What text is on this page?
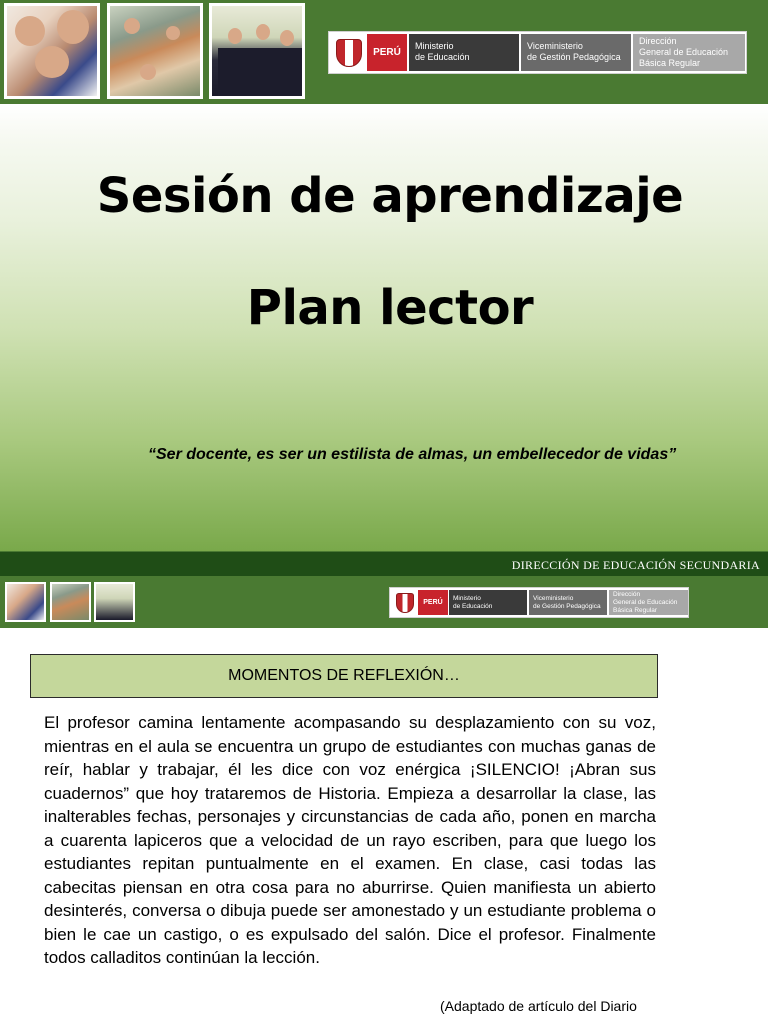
PERÚ
Ministerio
de Educación
Viceministerio
de Gestión Pedagógica
Dirección
General de Educación
Básica Regular
Sesión de aprendizaje
Plan lector
“Ser docente, es ser un estilista de almas, un embellecedor de vidas”
DIRECCIÓN DE EDUCACIÓN SECUNDARIA
PERÚ
Ministerio
de Educación
Viceministerio
de Gestión Pedagógica
Dirección
General de Educación
Básica Regular
MOMENTOS DE REFLEXIÓN…
El profesor camina lentamente acompasando su desplazamiento con su voz, mientras en el aula se encuentra un grupo de estudiantes con muchas ganas de reír, hablar y trabajar, él les dice con voz enérgica ¡SILENCIO! ¡Abran sus cuadernos” que hoy trataremos de Historia. Empieza a desarrollar la clase, las inalterables fechas, personajes y circunstancias de cada año, ponen en marcha a cuarenta lapiceros que a velocidad de un rayo escriben, para que luego los estudiantes repitan puntualmente en el examen. En clase, casi todas las cabecitas piensan en otra cosa para no aburrirse. Quien manifiesta un abierto desinterés, conversa o dibuja puede ser amonestado y un estudiante problema o bien le cae un castigo, o es expulsado del salón. Dice el profesor. Finalmente todos calladitos continúan la lección.
(Adaptado de artículo del Diario
